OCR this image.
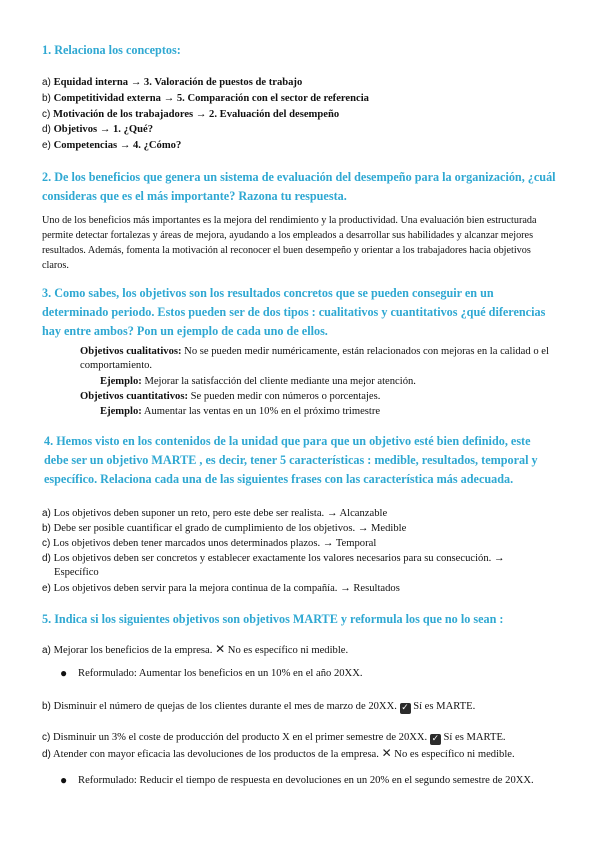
1. Relaciona los conceptos:
a) Equidad interna → 3. Valoración de puestos de trabajo
b) Competitividad externa → 5. Comparación con el sector de referencia
c) Motivación de los trabajadores → 2. Evaluación del desempeño
d) Objetivos → 1. ¿Qué?
e) Competencias → 4. ¿Cómo?
2. De los beneficios que genera un sistema de evaluación del desempeño para la organización, ¿cuál consideras que es el más importante? Razona tu respuesta.

Uno de los beneficios más importantes es la mejora del rendimiento y la productividad. Una evaluación bien estructurada permite detectar fortalezas y áreas de mejora, ayudando a los empleados a desarrollar sus habilidades y alcanzar mejores resultados. Además, fomenta la motivación al reconocer el buen desempeño y orientar a los trabajadores hacia objetivos claros.

3. Como sabes, los objetivos son los resultados concretos que se pueden conseguir en un determinado periodo. Estos pueden ser de dos tipos : cualitativos y cuantitativos ¿qué diferencias hay entre ambos? Pon un ejemplo de cada uno de ellos.
Objetivos cualitativos: No se pueden medir numéricamente, están relacionados con mejoras en la calidad o el comportamiento.
Ejemplo: Mejorar la satisfacción del cliente mediante una mejor atención.
Objetivos cuantitativos: Se pueden medir con números o porcentajes.
Ejemplo: Aumentar las ventas en un 10% en el próximo trimestre
4. Hemos visto en los contenidos de la unidad que para que un objetivo esté bien definido, este debe ser un objetivo MARTE , es decir, tener 5 características : medible, resultados, temporal y específico. Relaciona cada una de las siguientes frases con las característica más adecuada.
a) Los objetivos deben suponer un reto, pero este debe ser realista. → Alcanzable
b) Debe ser posible cuantificar el grado de cumplimiento de los objetivos. → Medible
c) Los objetivos deben tener marcados unos determinados plazos. → Temporal
d) Los objetivos deben ser concretos y establecer exactamente los valores necesarios para su consecución. → Específico
e) Los objetivos deben servir para la mejora continua de la compañía. → Resultados
5. Indica si los siguientes objetivos son objetivos MARTE y reformula los que no lo sean :
a) Mejorar los beneficios de la empresa. ✕ No es específico ni medible.
● Reformulado: Aumentar los beneficios en un 10% en el año 20XX.
b) Disminuir el número de quejas de los clientes durante el mes de marzo de 20XX. ✓ Sí es MARTE.
c) Disminuir un 3% el coste de producción del producto X en el primer semestre de 20XX. ✓ Sí es MARTE.
d) Atender con mayor eficacia las devoluciones de los productos de la empresa. ✕ No es específico ni medible.
● Reformulado: Reducir el tiempo de respuesta en devoluciones en un 20% en el segundo semestre de 20XX.
